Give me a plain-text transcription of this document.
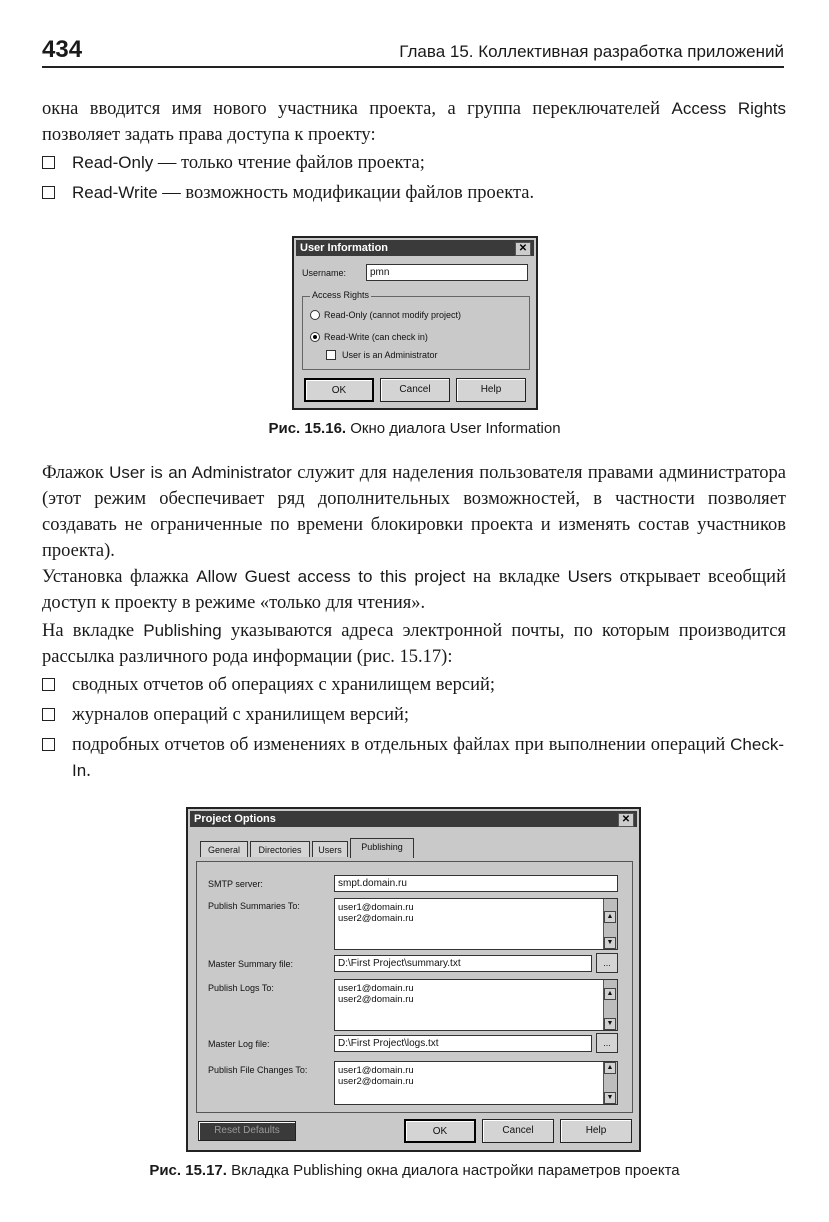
434	Глава 15. Коллективная разработка приложений

окна вводится имя нового участника проекта, а группа переключателей Access Rights позволяет задать права доступа к проекту:

Read-Only — только чтение файлов проекта;
Read-Write — возможность модификации файлов проекта.
User Information	✕
Username:	pmn
Access Rights
Read-Only (cannot modify project)
Read-Write (can check in)
User is an Administrator
OK	Cancel	Help
Рис. 15.16. Окно диалога User Information

Флажок User is an Administrator служит для наделения пользователя правами администратора (этот режим обеспечивает ряд дополнительных возможностей, в частности позволяет создавать не ограниченные по времени блокировки проекта и изменять состав участников проекта).

Установка флажка Allow Guest access to this project на вкладке Users открывает всеобщий доступ к проекту в режиме «только для чтения».

На вкладке Publishing указываются адреса электронной почты, по которым производится рассылка различного рода информации (рис. 15.17):

сводных отчетов об операциях с хранилищем версий;
журналов операций с хранилищем версий;
подробных отчетов об изменениях в отдельных файлах при выполнении операций Check-In.
Project Options	✕
General	Directories	Users	Publishing
SMTP server:	smpt.domain.ru
Publish Summaries To:	user1@domain.ru
user2@domain.ru	▲
▼
Master Summary file:	D:\First Project\summary.txt	...
Publish Logs To:	user1@domain.ru
user2@domain.ru
▲
▼
Master Log file:	D:\First Project\logs.txt	...
Publish File Changes To:	user1@domain.ru
user2@domain.ru
▲
▼
Reset Defaults	OK	Cancel	Help
Рис. 15.17. Вкладка Publishing окна диалога настройки параметров проекта
